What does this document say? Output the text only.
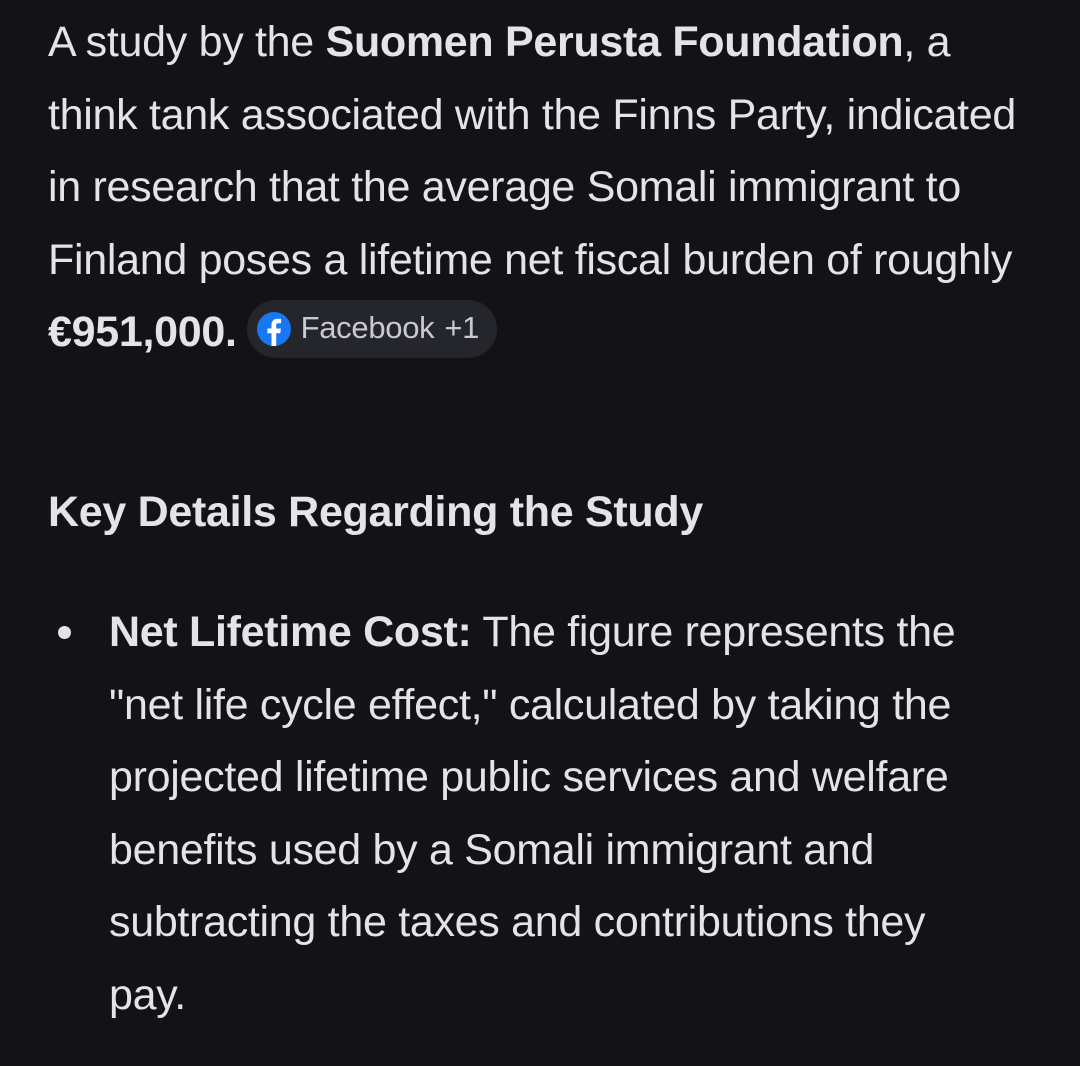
A study by the Suomen Perusta Foundation, a think tank associated with the Finns Party, indicated in research that the average Somali immigrant to Finland poses a lifetime net fiscal burden of roughly
€951,000. Facebook +1

Key Details Regarding the Study
Net Lifetime Cost: The figure represents the "net life cycle effect," calculated by taking the projected lifetime public services and welfare benefits used by a Somali immigrant and subtracting the taxes and contributions they pay.
